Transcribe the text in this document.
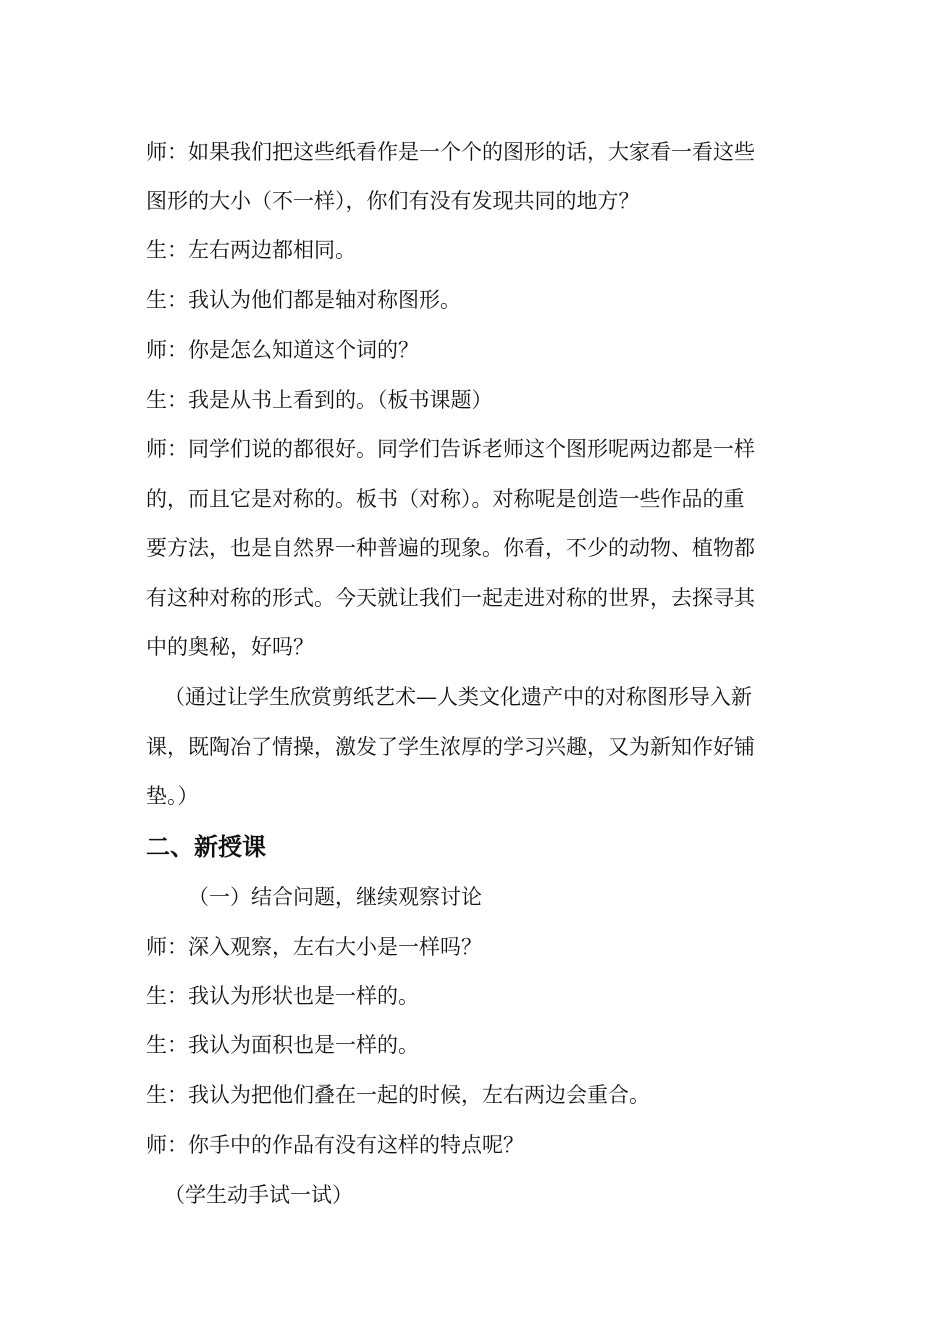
师：如果我们把这些纸看作是一个个的图形的话，大家看一看这些
图形的大小（不一样），你们有没有发现共同的地方？
生：左右两边都相同。
生：我认为他们都是轴对称图形。
师：你是怎么知道这个词的？
生：我是从书上看到的。（板书课题）
师：同学们说的都很好。同学们告诉老师这个图形呢两边都是一样
的，而且它是对称的。板书（对称）。对称呢是创造一些作品的重
要方法，也是自然界一种普遍的现象。你看，不少的动物、植物都
有这种对称的形式。今天就让我们一起走进对称的世界，去探寻其
中的奥秘，好吗？
（通过让学生欣赏剪纸艺术—人类文化遗产中的对称图形导入新
课，既陶冶了情操，激发了学生浓厚的学习兴趣，又为新知作好铺
垫。）
二、新授课
（一）结合问题，继续观察讨论
师：深入观察，左右大小是一样吗？
生：我认为形状也是一样的。
生：我认为面积也是一样的。
生：我认为把他们叠在一起的时候，左右两边会重合。
师：你手中的作品有没有这样的特点呢？
（学生动手试一试）
